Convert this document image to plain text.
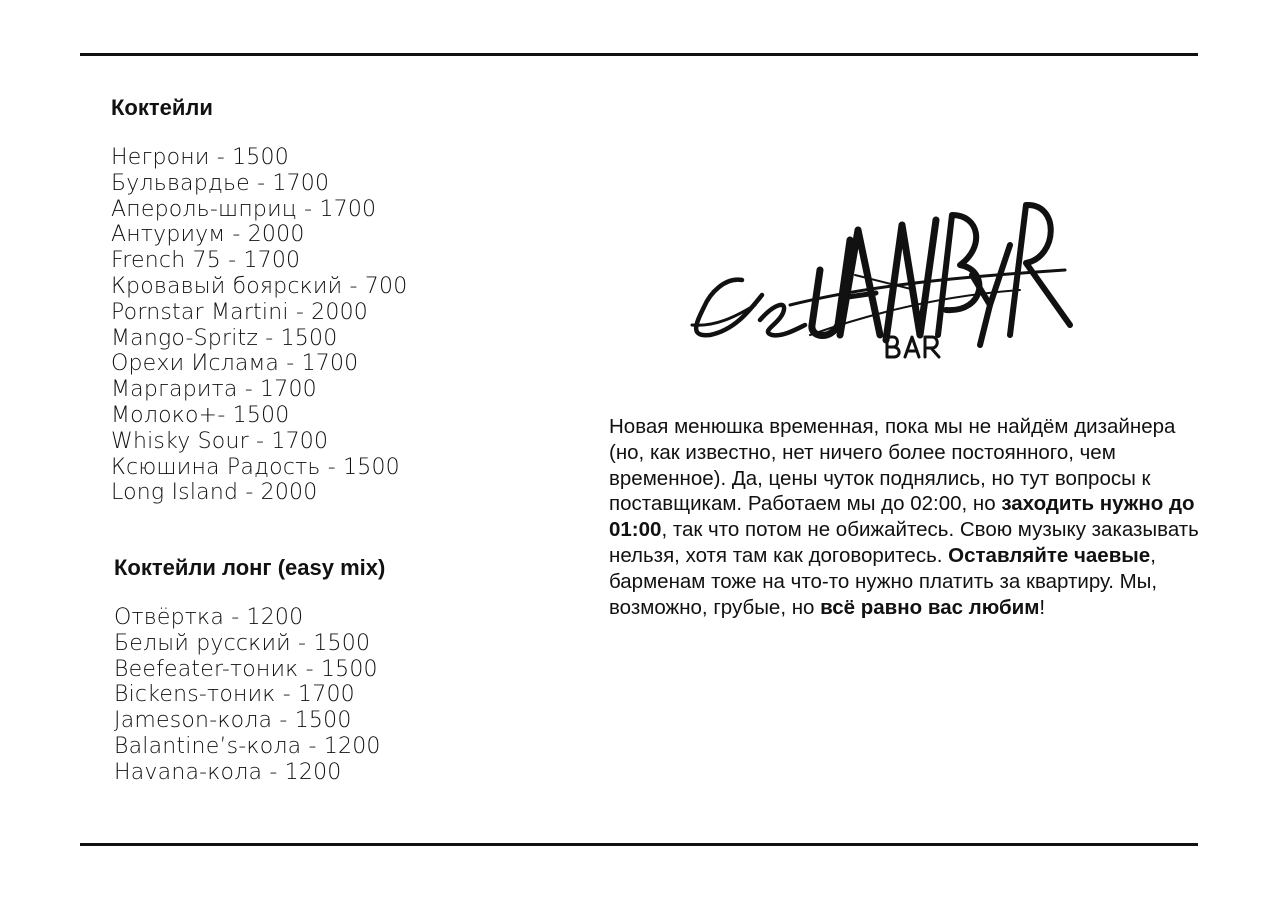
Коктейли
Негрони - 1500
Бульвардье - 1700
Апероль-шприц - 1700
Антуриум - 2000
French 75 - 1700
Кровавый боярский - 700
Pornstar Martini - 2000
Mango-Spritz - 1500
Орехи Ислама - 1700
Маргарита - 1700
Молоко+- 1500
Whisky Sour - 1700
Ксюшина Радость - 1500
Long Island - 2000
Коктейли лонг (easy mix)
Отвёртка - 1200
Белый русский - 1500
Beefeater-тоник - 1500
Bickens-тоник - 1700
Jameson-кола - 1500
Balantine’s-кола - 1200
Havana-кола - 1200
Новая менюшка временная, пока мы не найдём дизайнера (но, как известно, нет ничего более постоянного, чем временное). Да, цены чуток поднялись, но тут вопросы к поставщикам. Работаем мы до 02:00, но заходить нужно до 01:00, так что потом не обижайтесь. Свою музыку заказывать нельзя, хотя там как договоритесь. Оставляйте чаевые, барменам тоже на что-то нужно платить за квартиру. Мы, возможно, грубые, но всё равно вас любим!
